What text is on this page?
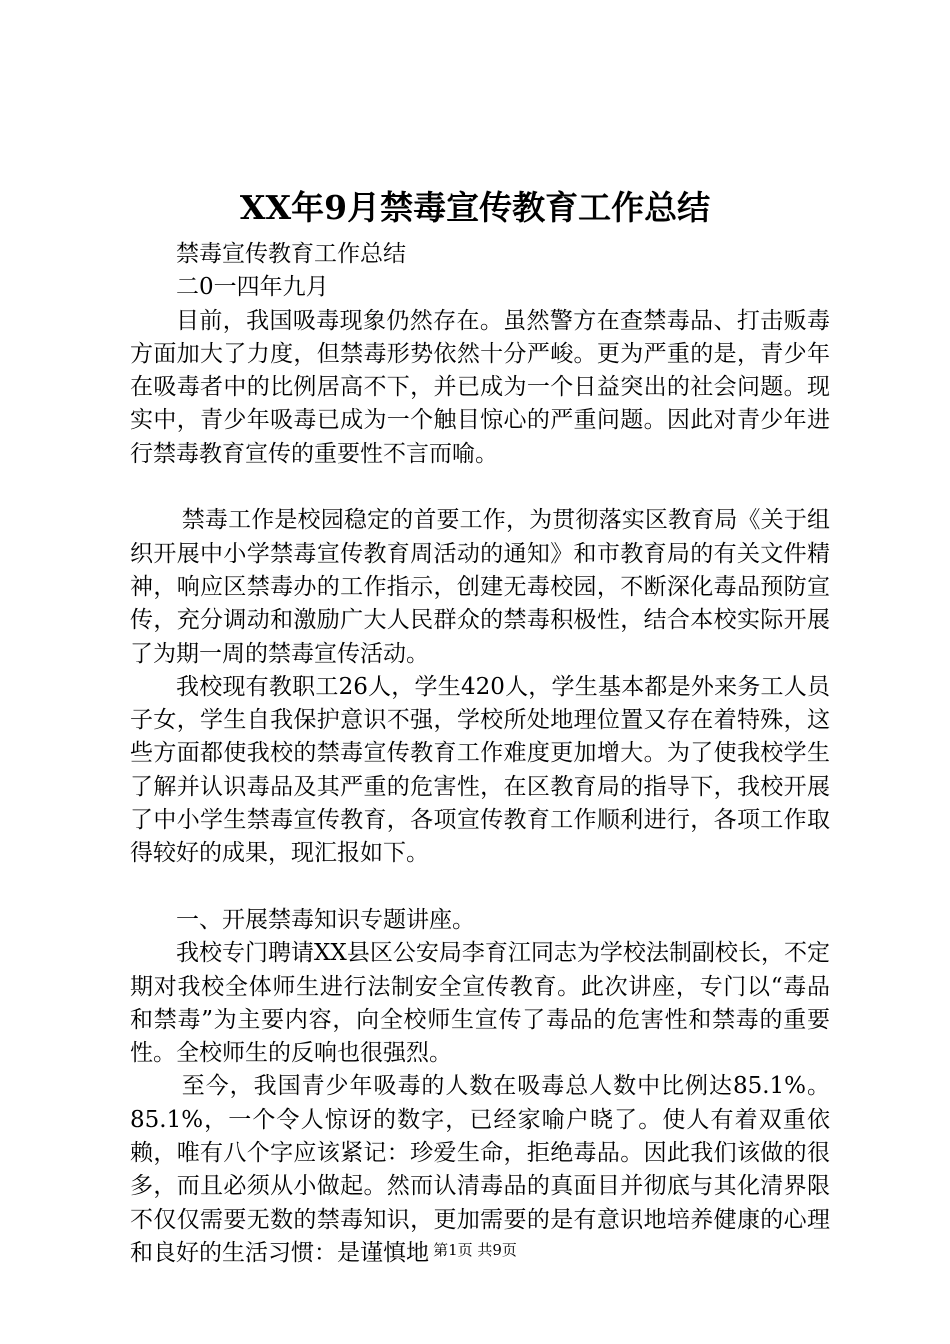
XX年9月禁毒宣传教育工作总结

禁毒宣传教育工作总结

二0一四年九月

目前，我国吸毒现象仍然存在。虽然警方在查禁毒品、打击贩毒方面加大了力度，但禁毒形势依然十分严峻。更为严重的是，青少年在吸毒者中的比例居高不下，并已成为一个日益突出的社会问题。现实中，青少年吸毒已成为一个触目惊心的严重问题。因此对青少年进行禁毒教育宣传的重要性不言而喻。

禁毒工作是校园稳定的首要工作，为贯彻落实区教育局《关于组织开展中小学禁毒宣传教育周活动的通知》和市教育局的有关文件精神，响应区禁毒办的工作指示，创建无毒校园，不断深化毒品预防宣传，充分调动和激励广大人民群众的禁毒积极性，结合本校实际开展了为期一周的禁毒宣传活动。

我校现有教职工26人，学生420人，学生基本都是外来务工人员子女，学生自我保护意识不强，学校所处地理位置又存在着特殊，这些方面都使我校的禁毒宣传教育工作难度更加增大。为了使我校学生了解并认识毒品及其严重的危害性，在区教育局的指导下，我校开展了中小学生禁毒宣传教育，各项宣传教育工作顺利进行，各项工作取得较好的成果，现汇报如下。

一、开展禁毒知识专题讲座。

我校专门聘请XX县区公安局李育江同志为学校法制副校长，不定期对我校全体师生进行法制安全宣传教育。此次讲座，专门以“毒品和禁毒”为主要内容，向全校师生宣传了毒品的危害性和禁毒的重要性。全校师生的反响也很强烈。

至今，我国青少年吸毒的人数在吸毒总人数中比例达85.1%。85.1%，一个令人惊讶的数字，已经家喻户晓了。使人有着双重依赖，唯有八个字应该紧记：珍爱生命，拒绝毒品。因此我们该做的很多，而且必须从小做起。然而认清毒品的真面目并彻底与其化清界限不仅仅需要无数的禁毒知识，更加需要的是有意识地培养健康的心理和良好的生活习惯：是谨慎地 第1页 共9页
